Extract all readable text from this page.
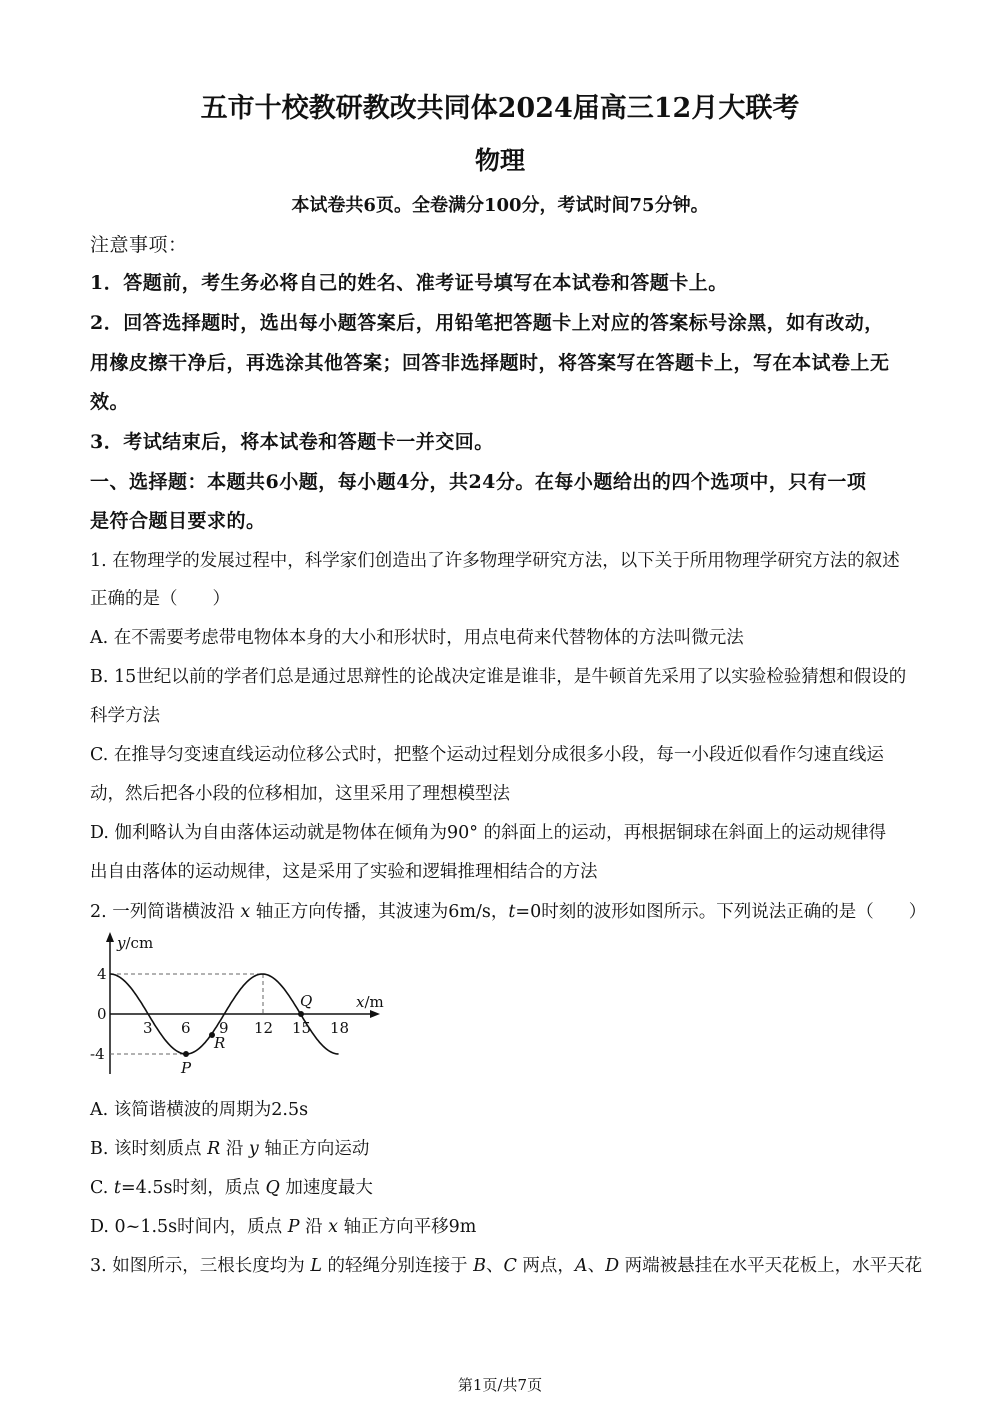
五市十校教研教改共同体2024届高三12月大联考
物理
本试卷共6页。全卷满分100分，考试时间75分钟。
注意事项：
1．答题前，考生务必将自己的姓名、准考证号填写在本试卷和答题卡上。
2．回答选择题时，选出每小题答案后，用铅笔把答题卡上对应的答案标号涂黑，如有改动，
用橡皮擦干净后，再选涂其他答案；回答非选择题时，将答案写在答题卡上，写在本试卷上无
效。
3．考试结束后，将本试卷和答题卡一并交回。
一、选择题：本题共6小题，每小题4分，共24分。在每小题给出的四个选项中，只有一项
是符合题目要求的。
1. 在物理学的发展过程中，科学家们创造出了许多物理学研究方法，以下关于所用物理学研究方法的叙述
正确的是（　　）
A. 在不需要考虑带电物体本身的大小和形状时，用点电荷来代替物体的方法叫微元法
B. 15世纪以前的学者们总是通过思辩性的论战决定谁是谁非，是牛顿首先采用了以实验检验猜想和假设的
科学方法
C. 在推导匀变速直线运动位移公式时，把整个运动过程划分成很多小段，每一小段近似看作匀速直线运
动，然后把各小段的位移相加，这里采用了理想模型法
D. 伽利略认为自由落体运动就是物体在倾角为90° 的斜面上的运动，再根据铜球在斜面上的运动规律得
出自由落体的运动规律，这是采用了实验和逻辑推理相结合的方法
2. 一列简谐横波沿 x 轴正方向传播，其波速为6m/s，t=0时刻的波形如图所示。下列说法正确的是（　　）
y/cm
x/m
4
0
-4
3 6 9 12 15 18
P
R
Q
A. 该简谐横波的周期为2.5s
B. 该时刻质点 R 沿 y 轴正方向运动
C. t=4.5s时刻，质点 Q 加速度最大
D. 0~1.5s时间内，质点 P 沿 x 轴正方向平移9m
3. 如图所示，三根长度均为 L 的轻绳分别连接于 B、C 两点，A、D 两端被悬挂在水平天花板上，水平天花
第1页/共7页
